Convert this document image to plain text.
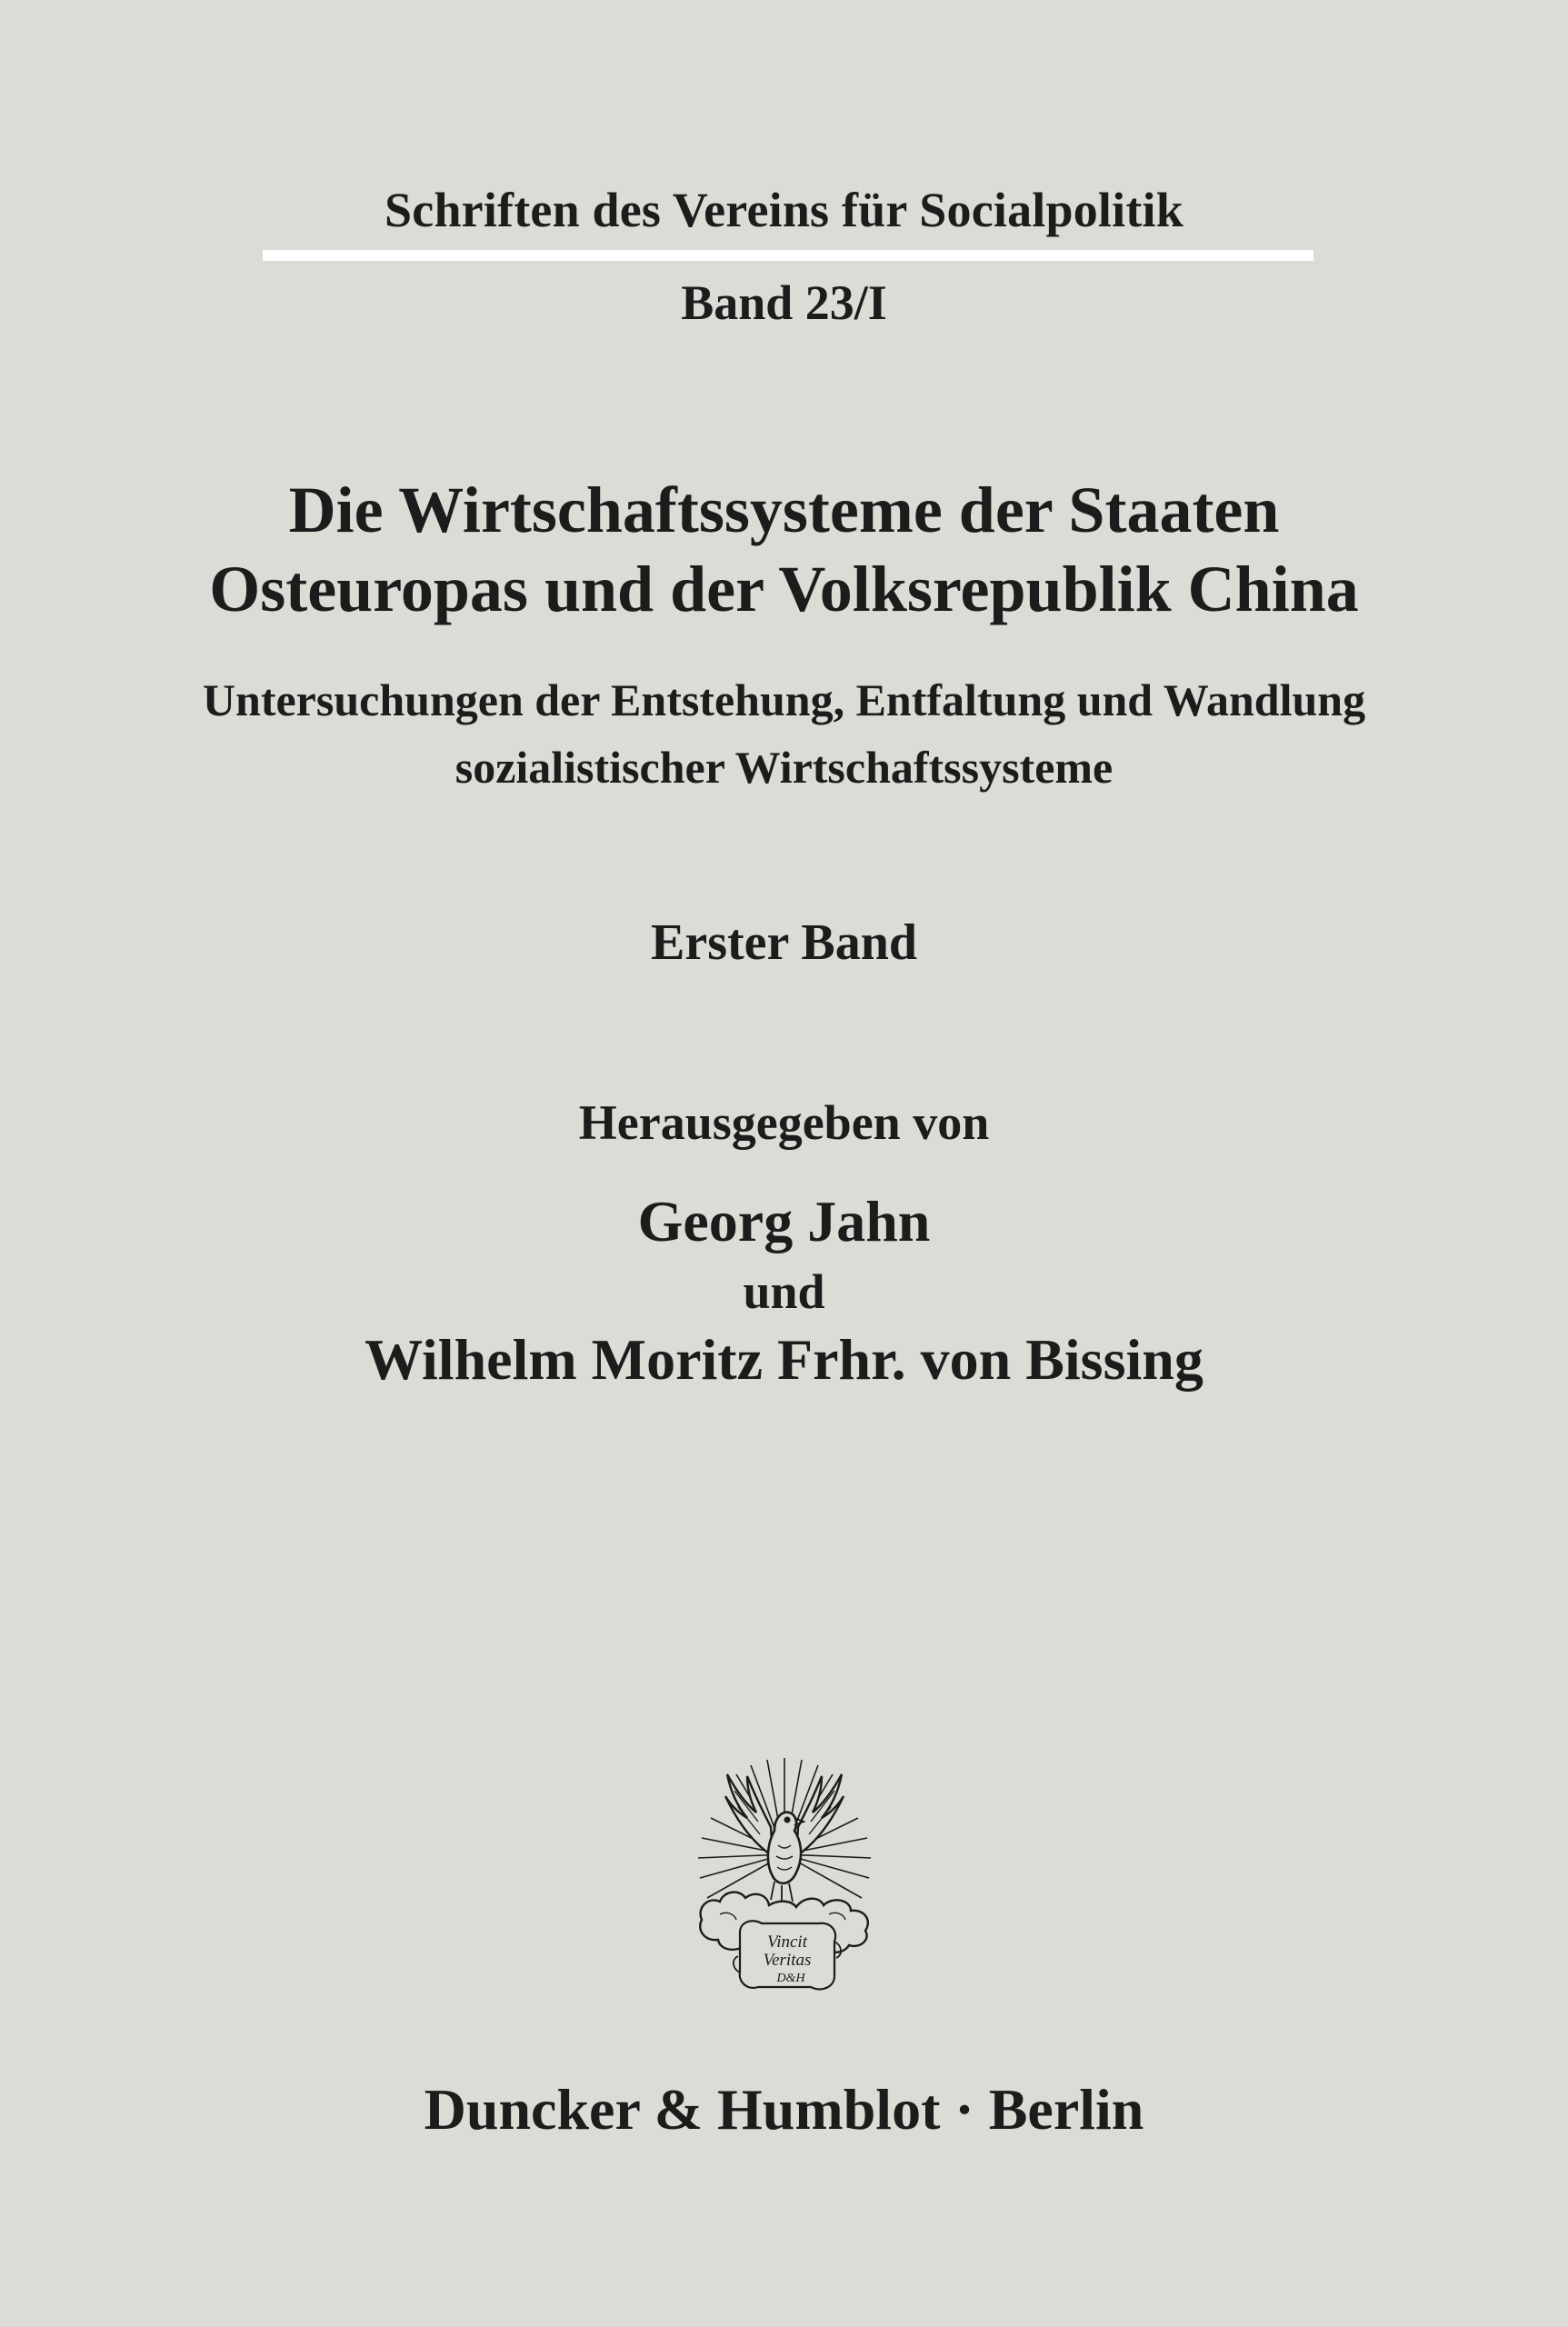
Schriften des Vereins für Socialpolitik
Band 23/I
Die Wirtschaftssysteme der Staaten
Osteuropas und der Volksrepublik China
Untersuchungen der Entstehung, Entfaltung und Wandlung
sozialistischer Wirtschaftssysteme
Erster Band
Herausgegeben von
Georg Jahn
und
Wilhelm Moritz Frhr. von Bissing
Vincit
Veritas
D&H
Duncker & Humblot · Berlin
